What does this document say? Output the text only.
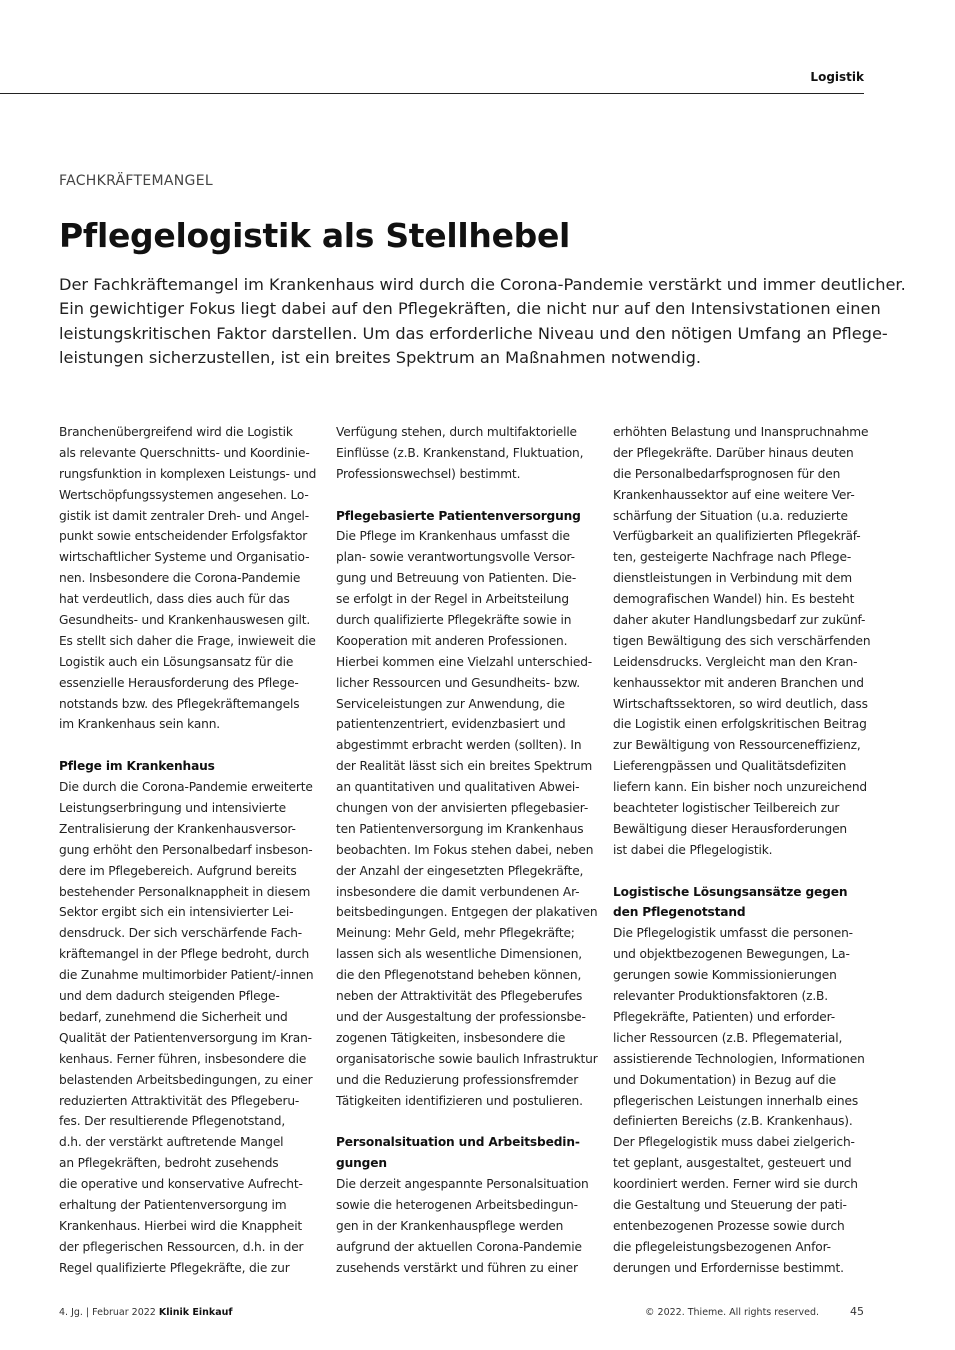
Logistik
FACHKRÄFTEMANGEL
Pflegelogistik als Stellhebel
Der Fachkräftemangel im Krankenhaus wird durch die Corona-Pandemie verstärkt und immer deutlicher.
Ein gewichtiger Fokus liegt dabei auf den Pflegekräften, die nicht nur auf den Intensivstationen einen
leistungskritischen Faktor darstellen. Um das erforderliche Niveau und den nötigen Umfang an Pflege-
leistungen sicherzustellen, ist ein breites Spektrum an Maßnahmen notwendig.
Branchenübergreifend wird die Logistik
als relevante Querschnitts- und Koordinie-
rungsfunktion in komplexen Leistungs- und
Wertschöpfungssystemen angesehen. Lo-
gistik ist damit zentraler Dreh- und Angel-
punkt sowie entscheidender Erfolgsfaktor
wirtschaftlicher Systeme und Organisatio-
nen. Insbesondere die Corona-Pandemie
hat verdeutlich, dass dies auch für das
Gesundheits- und Krankenhauswesen gilt.
Es stellt sich daher die Frage, inwieweit die
Logistik auch ein Lösungsansatz für die
essenzielle Herausforderung des Pflege-
notstands bzw. des Pflegekräftemangels
im Krankenhaus sein kann.
Pflege im Krankenhaus
Die durch die Corona-Pandemie erweiterte
Leistungserbringung und intensivierte
Zentralisierung der Krankenhausversor-
gung erhöht den Personalbedarf insbeson-
dere im Pflegebereich. Aufgrund bereits
bestehender Personalknappheit in diesem
Sektor ergibt sich ein intensivierter Lei-
densdruck. Der sich verschärfende Fach-
kräftemangel in der Pflege bedroht, durch
die Zunahme multimorbider Patient/-innen
und dem dadurch steigenden Pflege-
bedarf, zunehmend die Sicherheit und
Qualität der Patientenversorgung im Kran-
kenhaus. Ferner führen, insbesondere die
belastenden Arbeitsbedingungen, zu einer
reduzierten Attraktivität des Pflegeberu-
fes. Der resultierende Pflegenotstand,
d.h. der verstärkt auftretende Mangel
an Pflegekräften, bedroht zusehends
die operative und konservative Aufrecht-
erhaltung der Patientenversorgung im
Krankenhaus. Hierbei wird die Knappheit
der pflegerischen Ressourcen, d.h. in der
Regel qualifizierte Pflegekräfte, die zur
Verfügung stehen, durch multifaktorielle
Einflüsse (z.B. Krankenstand, Fluktuation,
Professionswechsel) bestimmt.
Pflegebasierte Patientenversorgung
Die Pflege im Krankenhaus umfasst die
plan- sowie verantwortungsvolle Versor-
gung und Betreuung von Patienten. Die-
se erfolgt in der Regel in Arbeitsteilung
durch qualifizierte Pflegekräfte sowie in
Kooperation mit anderen Professionen.
Hierbei kommen eine Vielzahl unterschied-
licher Ressourcen und Gesundheits- bzw.
Serviceleistungen zur Anwendung, die
patientenzentriert, evidenzbasiert und
abgestimmt erbracht werden (sollten). In
der Realität lässt sich ein breites Spektrum
an quantitativen und qualitativen Abwei-
chungen von der anvisierten pflegebasier-
ten Patientenversorgung im Krankenhaus
beobachten. Im Fokus stehen dabei, neben
der Anzahl der eingesetzten Pflegekräfte,
insbesondere die damit verbundenen Ar-
beitsbedingungen. Entgegen der plakativen
Meinung: Mehr Geld, mehr Pflegekräfte;
lassen sich als wesentliche Dimensionen,
die den Pflegenotstand beheben können,
neben der Attraktivität des Pflegeberufes
und der Ausgestaltung der professionsbe-
zogenen Tätigkeiten, insbesondere die
organisatorische sowie baulich Infrastruktur
und die Reduzierung professionsfremder
Tätigkeiten identifizieren und postulieren.
Personalsituation und Arbeitsbedin-
gungen
Die derzeit angespannte Personalsituation
sowie die heterogenen Arbeitsbedingun-
gen in der Krankenhauspflege werden
aufgrund der aktuellen Corona-Pandemie
zusehends verstärkt und führen zu einer
erhöhten Belastung und Inanspruchnahme
der Pflegekräfte. Darüber hinaus deuten
die Personalbedarfsprognosen für den
Krankenhaussektor auf eine weitere Ver-
schärfung der Situation (u.a. reduzierte
Verfügbarkeit an qualifizierten Pflegekräf-
ten, gesteigerte Nachfrage nach Pflege-
dienstleistungen in Verbindung mit dem
demografischen Wandel) hin. Es besteht
daher akuter Handlungsbedarf zur zukünf-
tigen Bewältigung des sich verschärfenden
Leidensdrucks. Vergleicht man den Kran-
kenhaussektor mit anderen Branchen und
Wirtschaftssektoren, so wird deutlich, dass
die Logistik einen erfolgskritischen Beitrag
zur Bewältigung von Ressourceneffizienz,
Lieferengpässen und Qualitätsdefiziten
liefern kann. Ein bisher noch unzureichend
beachteter logistischer Teilbereich zur
Bewältigung dieser Herausforderungen
ist dabei die Pflegelogistik.
Logistische Lösungsansätze gegen
den Pflegenotstand
Die Pflegelogistik umfasst die personen-
und objektbezogenen Bewegungen, La-
gerungen sowie Kommissionierungen
relevanter Produktionsfaktoren (z.B.
Pflegekräfte, Patienten) und erforder-
licher Ressourcen (z.B. Pflegematerial,
assistierende Technologien, Informationen
und Dokumentation) in Bezug auf die
pflegerischen Leistungen innerhalb eines
definierten Bereichs (z.B. Krankenhaus).
Der Pflegelogistik muss dabei zielgerich-
tet geplant, ausgestaltet, gesteuert und
koordiniert werden. Ferner wird sie durch
die Gestaltung und Steuerung der pati-
entenbezogenen Prozesse sowie durch
die pflegeleistungsbezogenen Anfor-
derungen und Erfordernisse bestimmt.
4. Jg. | Februar 2022 Klinik Einkauf	© 2022. Thieme. All rights reserved.	45
